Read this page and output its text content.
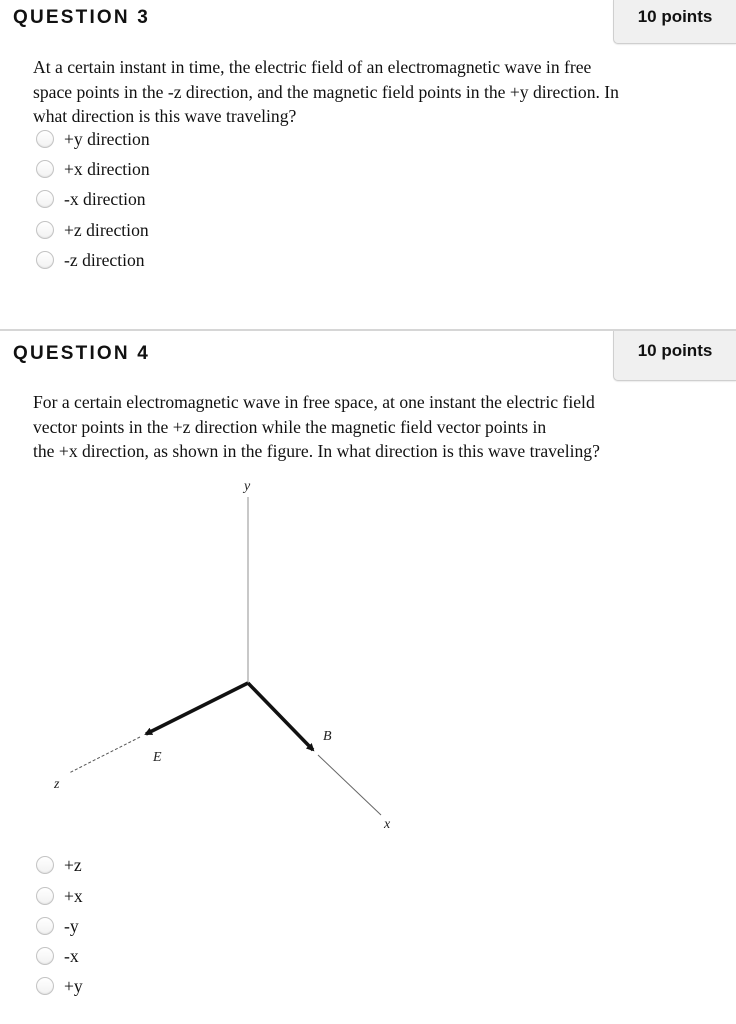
QUESTION 3	10 points
At a certain instant in time, the electric field of an electromagnetic wave in free
space points in the -z direction, and the magnetic field points in the +y direction. In
what direction is this wave traveling?
+y direction
+x direction
-x direction
+z direction
-z direction
QUESTION 4	10 points
For a certain electromagnetic wave in free space, at one instant the electric field
vector points in the +z direction while the magnetic field vector points in
the +x direction, as shown in the figure. In what direction is this wave traveling?
y
z
x
E
B
+z
+x
-y
-x
+y
